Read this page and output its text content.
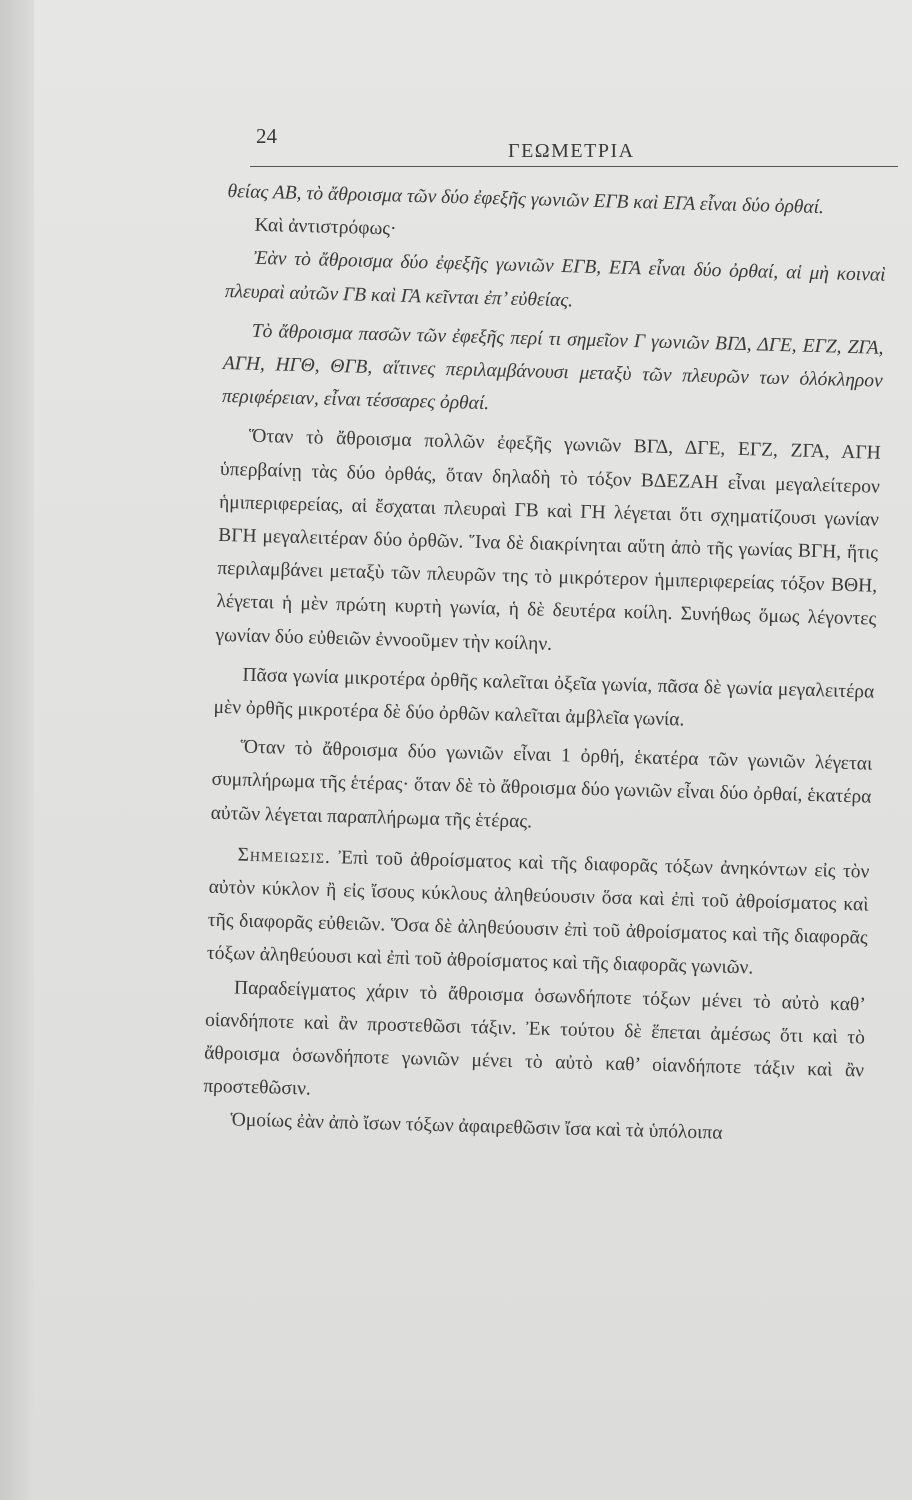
24
ΓΕΩΜΕΤΡΙΑ

θείας ΑΒ, τὸ ἄθροισμα τῶν δύο ἐφεξῆς γωνιῶν ΕΓΒ καὶ ΕΓΑ εἶναι δύο ὀρθαί.

Καὶ ἀντιστρόφως·

Ἐὰν τὸ ἄθροισμα δύο ἐφεξῆς γωνιῶν ΕΓΒ, ΕΓΑ εἶναι δύο ὀρθαί, αἱ μὴ κοιναὶ πλευραὶ αὐτῶν ΓΒ καὶ ΓΑ κεῖνται ἐπ’ εὐθείας.

Τὸ ἄθροισμα πασῶν τῶν ἐφεξῆς περί τι σημεῖον Γ γωνιῶν ΒΓΔ, ΔΓΕ, ΕΓΖ, ΖΓΑ, ΑΓΗ, ΗΓΘ, ΘΓΒ, αἵτινες περιλαμβάνουσι μεταξὺ τῶν πλευρῶν των ὁλόκληρον περιφέρειαν, εἶναι τέσσαρες ὀρθαί.

Ὅταν τὸ ἄθροισμα πολλῶν ἐφεξῆς γωνιῶν ΒΓΔ, ΔΓΕ, ΕΓΖ, ΖΓΑ, ΑΓΗ ὑπερβαίνῃ τὰς δύο ὀρθάς, ὅταν δηλαδὴ τὸ τόξον ΒΔΕΖΑΗ εἶναι μεγαλείτερον ἡμιπεριφερείας, αἱ ἔσχαται πλευραὶ ΓΒ καὶ ΓΗ λέγεται ὅτι σχηματίζουσι γωνίαν ΒΓΗ μεγαλειτέραν δύο ὀρθῶν. Ἵνα δὲ διακρίνηται αὕτη ἀπὸ τῆς γωνίας ΒΓΗ, ἥτις περιλαμβάνει μεταξὺ τῶν πλευρῶν της τὸ μικρότερον ἡμιπεριφερείας τόξον ΒΘΗ, λέγεται ἡ μὲν πρώτη κυρτὴ γωνία, ἡ δὲ δευτέρα κοίλη. Συνήθως ὅμως λέγοντες γωνίαν δύο εὐθειῶν ἐννοοῦμεν τὴν κοίλην.

Πᾶσα γωνία μικροτέρα ὀρθῆς καλεῖται ὀξεῖα γωνία, πᾶσα δὲ γωνία μεγαλειτέρα μὲν ὀρθῆς μικροτέρα δὲ δύο ὀρθῶν καλεῖται ἀμβλεῖα γωνία.

Ὅταν τὸ ἄθροισμα δύο γωνιῶν εἶναι 1 ὀρθή, ἑκατέρα τῶν γωνιῶν λέγεται συμπλήρωμα τῆς ἑτέρας· ὅταν δὲ τὸ ἄθροισμα δύο γωνιῶν εἶναι δύο ὀρθαί, ἑκατέρα αὐτῶν λέγεται παραπλήρωμα τῆς ἑτέρας.

Σημειωσις. Ἐπὶ τοῦ ἀθροίσματος καὶ τῆς διαφορᾶς τόξων ἀνηκόντων εἰς τὸν αὐτὸν κύκλον ἢ εἰς ἴσους κύκλους ἀληθεύουσιν ὅσα καὶ ἐπὶ τοῦ ἀθροίσματος καὶ τῆς διαφορᾶς εὐθειῶν. Ὅσα δὲ ἀληθεύουσιν ἐπὶ τοῦ ἀθροίσματος καὶ τῆς διαφορᾶς τόξων ἀληθεύουσι καὶ ἐπὶ τοῦ ἀθροίσματος καὶ τῆς διαφορᾶς γωνιῶν.

Παραδείγματος χάριν τὸ ἄθροισμα ὁσωνδήποτε τόξων μένει τὸ αὐτὸ καθ’ οἱανδήποτε καὶ ἂν προστεθῶσι τάξιν. Ἐκ τούτου δὲ ἕπεται ἀμέσως ὅτι καὶ τὸ ἄθροισμα ὁσωνδήποτε γωνιῶν μένει τὸ αὐτὸ καθ’ οἱανδήποτε τάξιν καὶ ἂν προστεθῶσιν.

Ὁμοίως ἐὰν ἀπὸ ἴσων τόξων ἀφαιρεθῶσιν ἴσα καὶ τὰ ὑπόλοιπα
